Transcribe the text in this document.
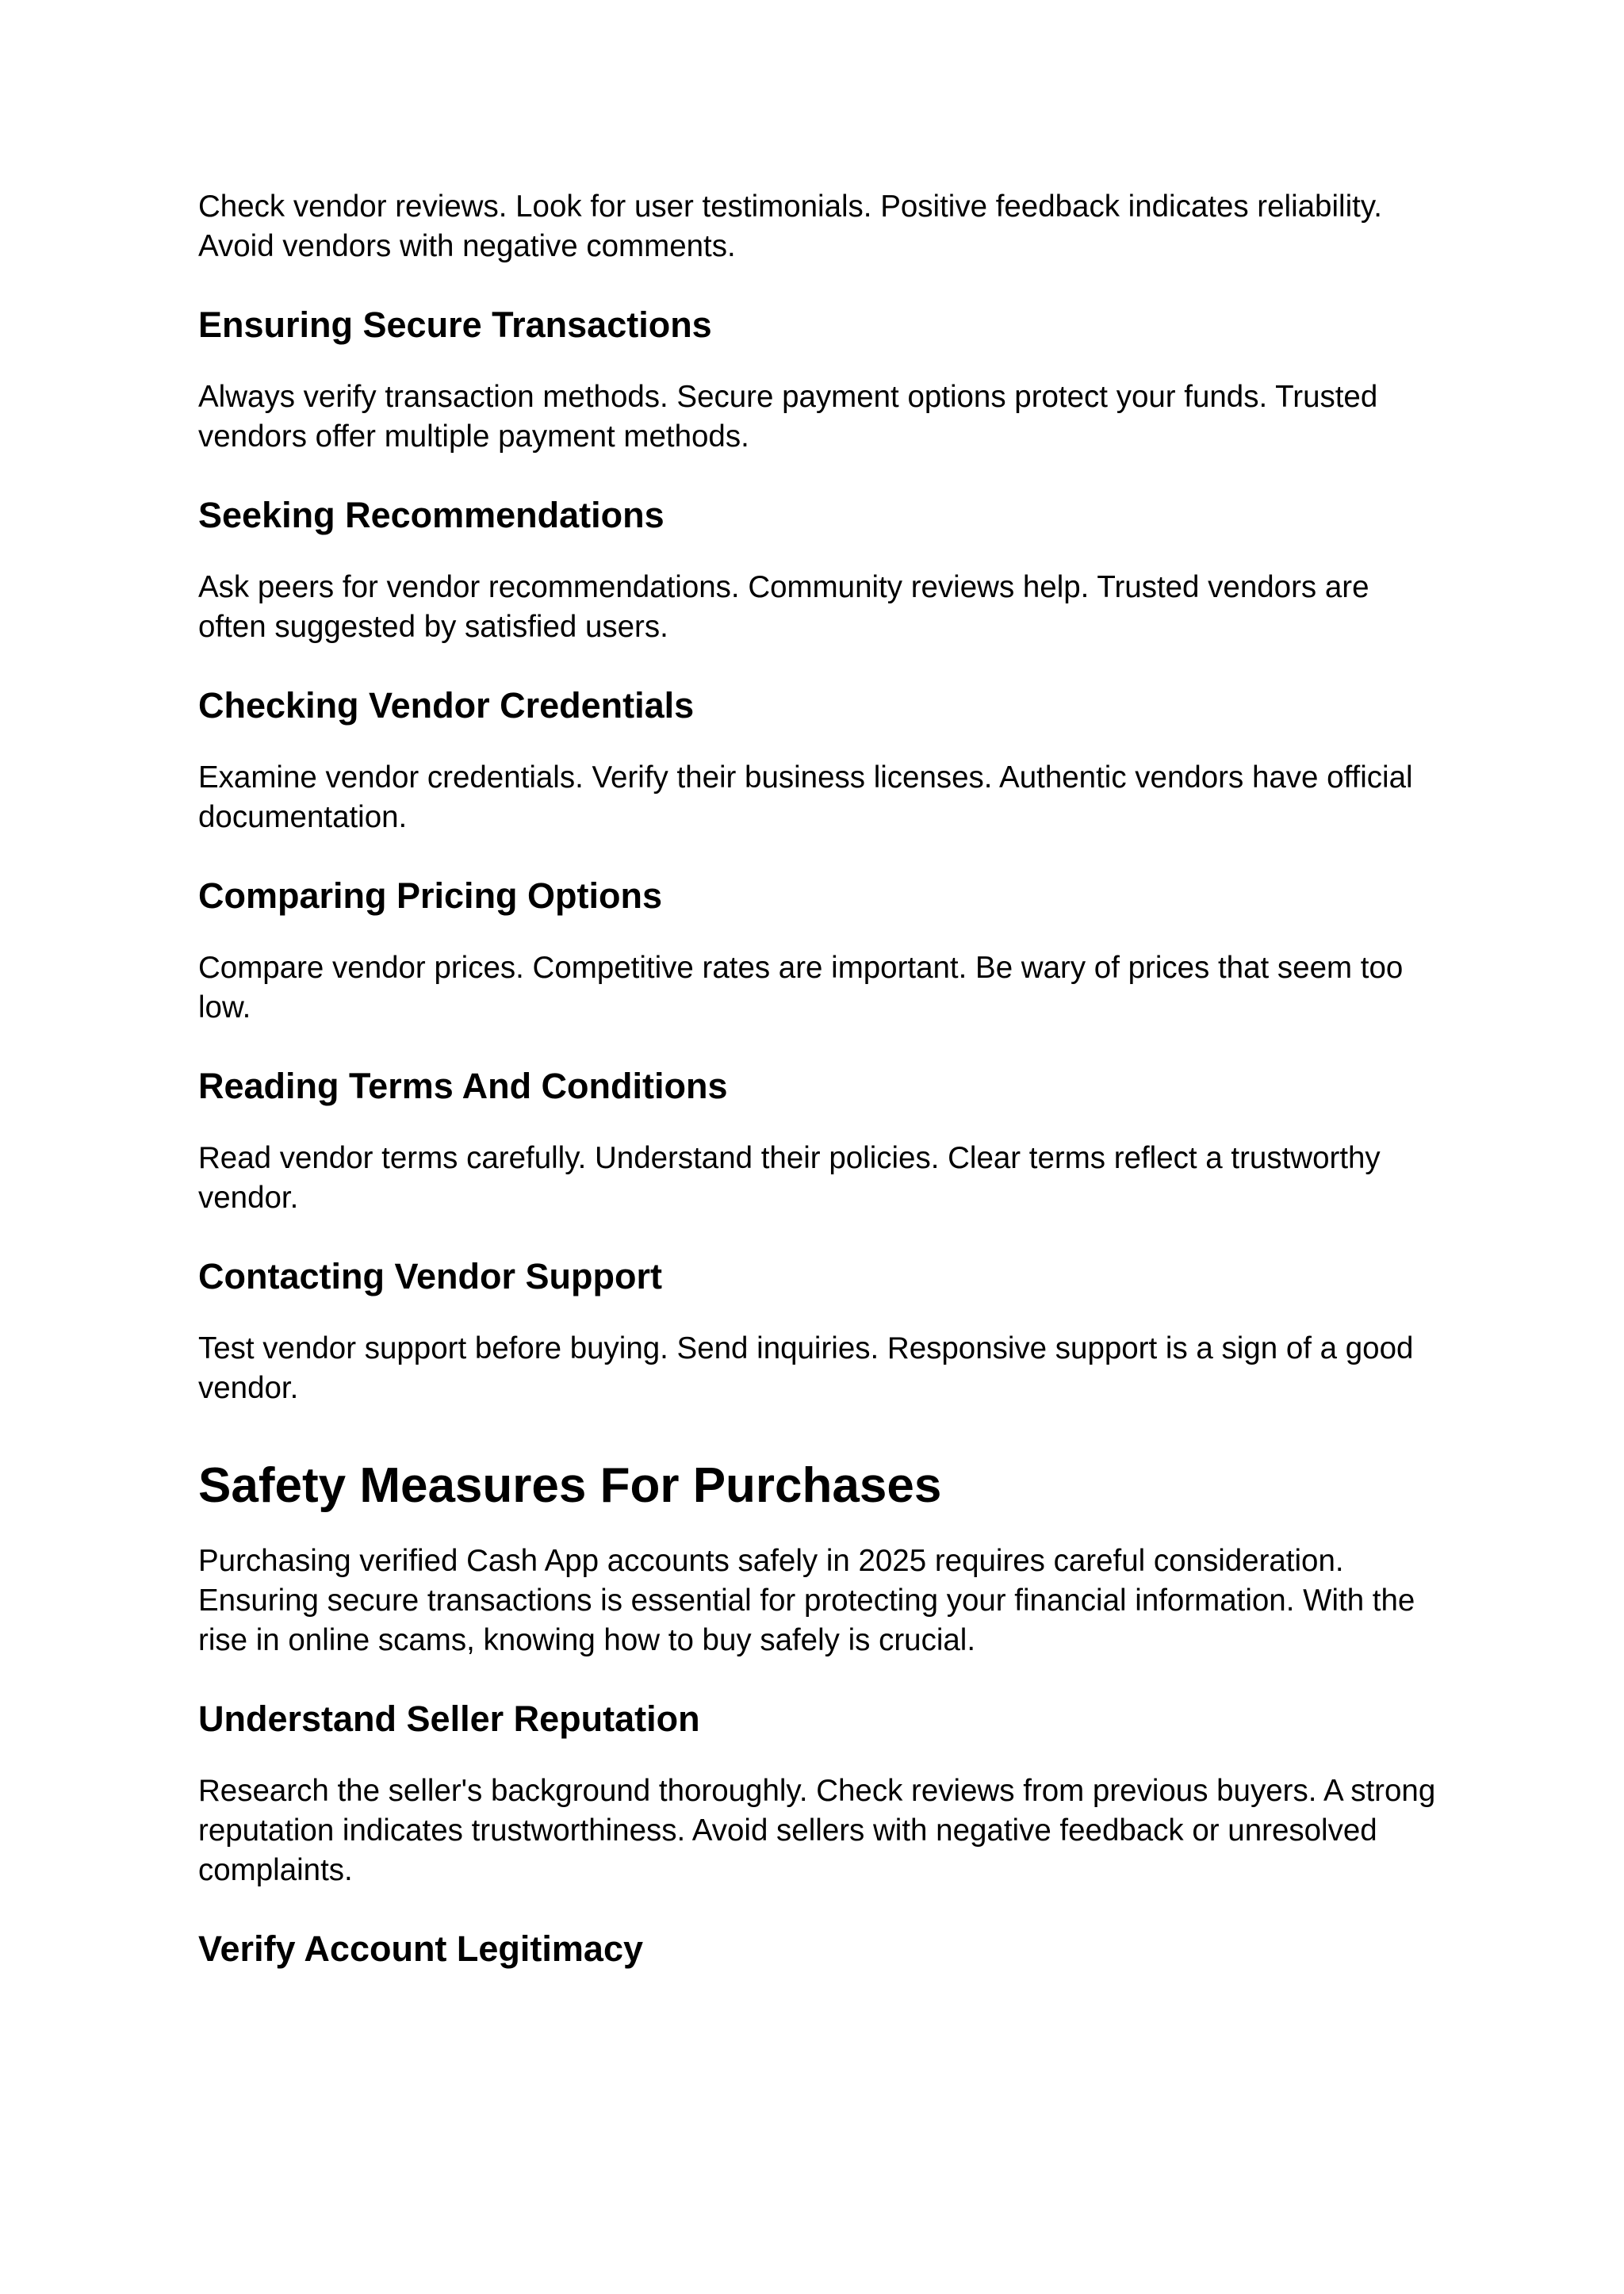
Check vendor reviews. Look for user testimonials. Positive feedback indicates reliability. Avoid vendors with negative comments.

Ensuring Secure Transactions

Always verify transaction methods. Secure payment options protect your funds. Trusted vendors offer multiple payment methods.

Seeking Recommendations

Ask peers for vendor recommendations. Community reviews help. Trusted vendors are often suggested by satisfied users.

Checking Vendor Credentials

Examine vendor credentials. Verify their business licenses. Authentic vendors have official documentation.

Comparing Pricing Options

Compare vendor prices. Competitive rates are important. Be wary of prices that seem too low.

Reading Terms And Conditions

Read vendor terms carefully. Understand their policies. Clear terms reflect a trustworthy vendor.

Contacting Vendor Support

Test vendor support before buying. Send inquiries. Responsive support is a sign of a good vendor.

Safety Measures For Purchases

Purchasing verified Cash App accounts safely in 2025 requires careful consideration. Ensuring secure transactions is essential for protecting your financial information. With the rise in online scams, knowing how to buy safely is crucial.

Understand Seller Reputation

Research the seller's background thoroughly. Check reviews from previous buyers. A strong reputation indicates trustworthiness. Avoid sellers with negative feedback or unresolved complaints.

Verify Account Legitimacy
